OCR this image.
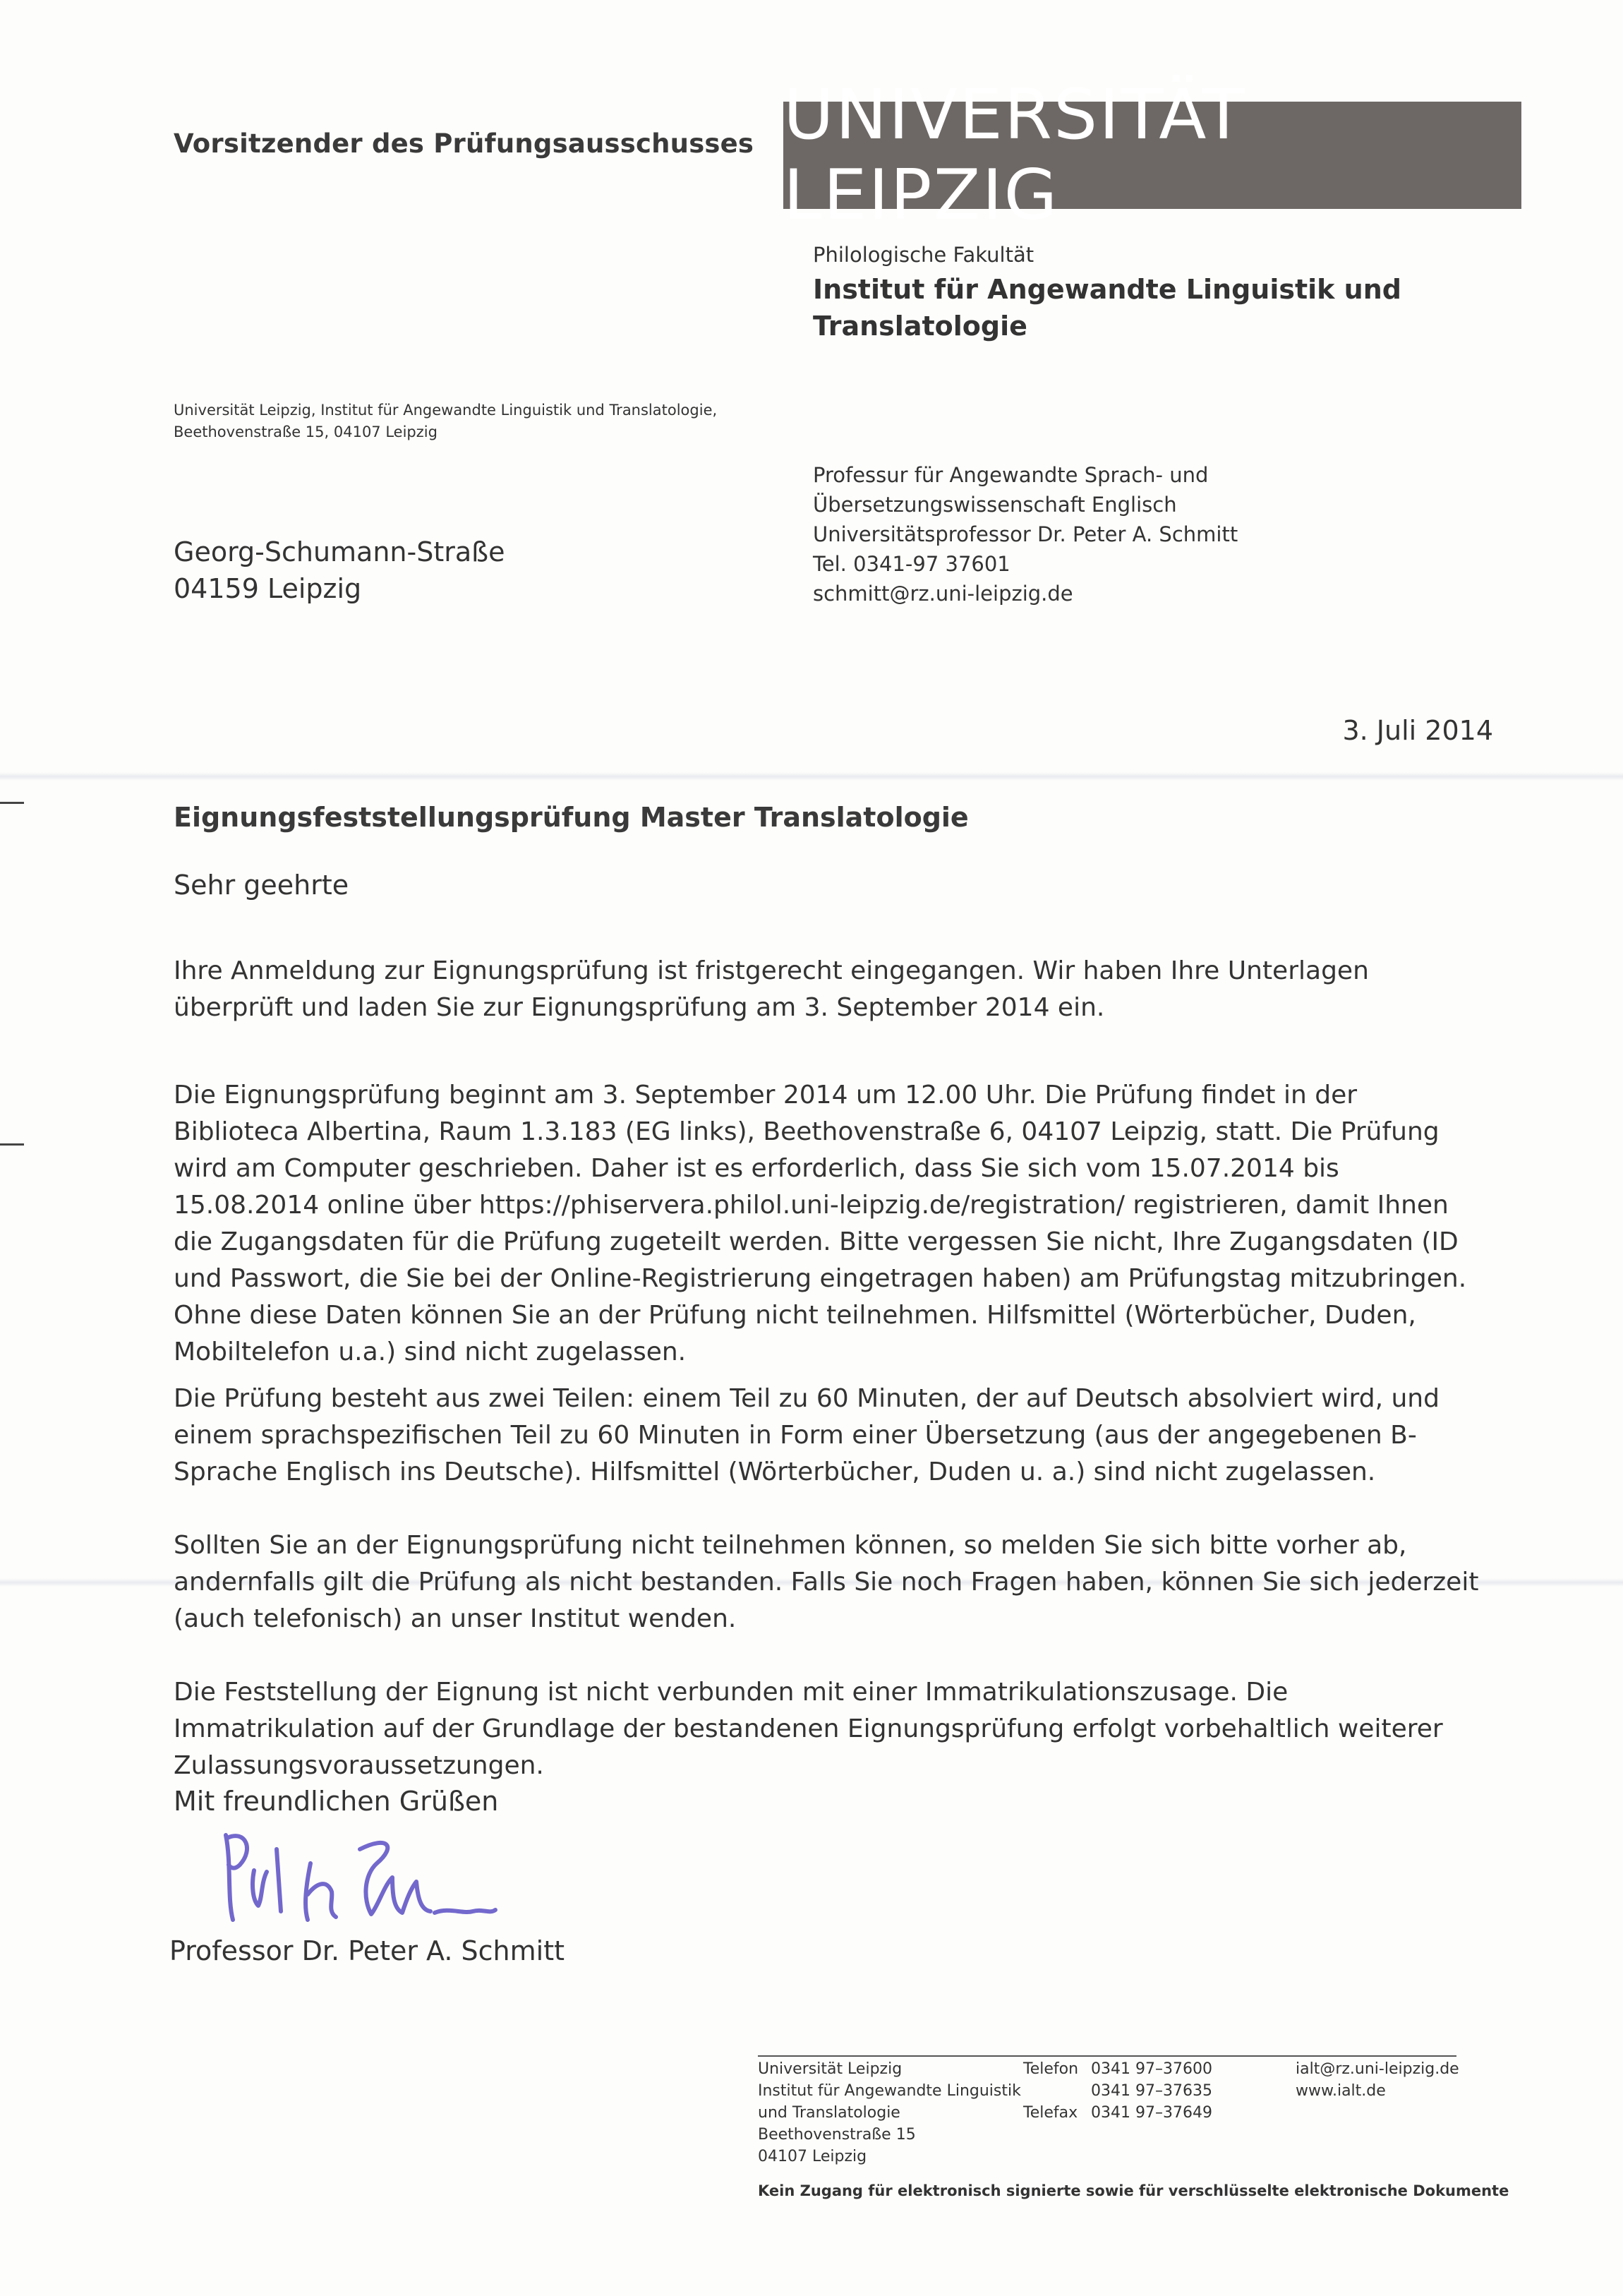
Vorsitzender des Prüfungsausschusses UNIVERSITÄT LEIPZIG
Philologische Fakultät
Institut für Angewandte Linguistik und Translatologie
Universität Leipzig, Institut für Angewandte Linguistik und Translatologie,
Beethovenstraße 15, 04107 Leipzig
Georg-Schumann-Straße
04159 Leipzig
Professur für Angewandte Sprach- und
Übersetzungswissenschaft Englisch
Universitätsprofessor Dr. Peter A. Schmitt
Tel. 0341-97 37601
schmitt@rz.uni-leipzig.de
3. Juli 2014
Eignungsfeststellungsprüfung Master Translatologie
Sehr geehrte

Ihre Anmeldung zur Eignungsprüfung ist fristgerecht eingegangen. Wir haben Ihre Unterlagen überprüft und laden Sie zur Eignungsprüfung am 3. September 2014 ein.

Die Eignungsprüfung beginnt am 3. September 2014 um 12.00 Uhr. Die Prüfung findet in der Biblioteca Albertina, Raum 1.3.183 (EG links), Beethovenstraße 6, 04107 Leipzig, statt. Die Prüfung wird am Computer geschrieben. Daher ist es erforderlich, dass Sie sich vom 15.07.2014 bis 15.08.2014 online über https://phiservera.philol.uni-leipzig.de/registration/ registrieren, damit Ihnen die Zugangsdaten für die Prüfung zugeteilt werden. Bitte vergessen Sie nicht, Ihre Zugangsdaten (ID und Passwort, die Sie bei der Online-Registrierung eingetragen haben) am Prüfungstag mitzubringen. Ohne diese Daten können Sie an der Prüfung nicht teilnehmen. Hilfsmittel (Wörterbücher, Duden, Mobiltelefon u.a.) sind nicht zugelassen.

Die Prüfung besteht aus zwei Teilen: einem Teil zu 60 Minuten, der auf Deutsch absolviert wird, und einem sprachspezifischen Teil zu 60 Minuten in Form einer Übersetzung (aus der angegebenen B-Sprache Englisch ins Deutsche). Hilfsmittel (Wörterbücher, Duden u. a.) sind nicht zugelassen.

Sollten Sie an der Eignungsprüfung nicht teilnehmen können, so melden Sie sich bitte vorher ab, andernfalls gilt die Prüfung als nicht bestanden. Falls Sie noch Fragen haben, können Sie sich jederzeit (auch telefonisch) an unser Institut wenden.

Die Feststellung der Eignung ist nicht verbunden mit einer Immatrikulationszusage. Die Immatrikulation auf der Grundlage der bestandenen Eignungsprüfung erfolgt vorbehaltlich weiterer Zulassungsvoraussetzungen.

Mit freundlichen Grüßen
Professor Dr. Peter A. Schmitt
Universität Leipzig
Institut für Angewandte Linguistik
und Translatologie
Beethovenstraße 15
04107 Leipzig
Telefon

Telefax
0341 97–37600
0341 97–37635
0341 97–37649
ialt@rz.uni-leipzig.de
www.ialt.de
Kein Zugang für elektronisch signierte sowie für verschlüsselte elektronische Dokumente
